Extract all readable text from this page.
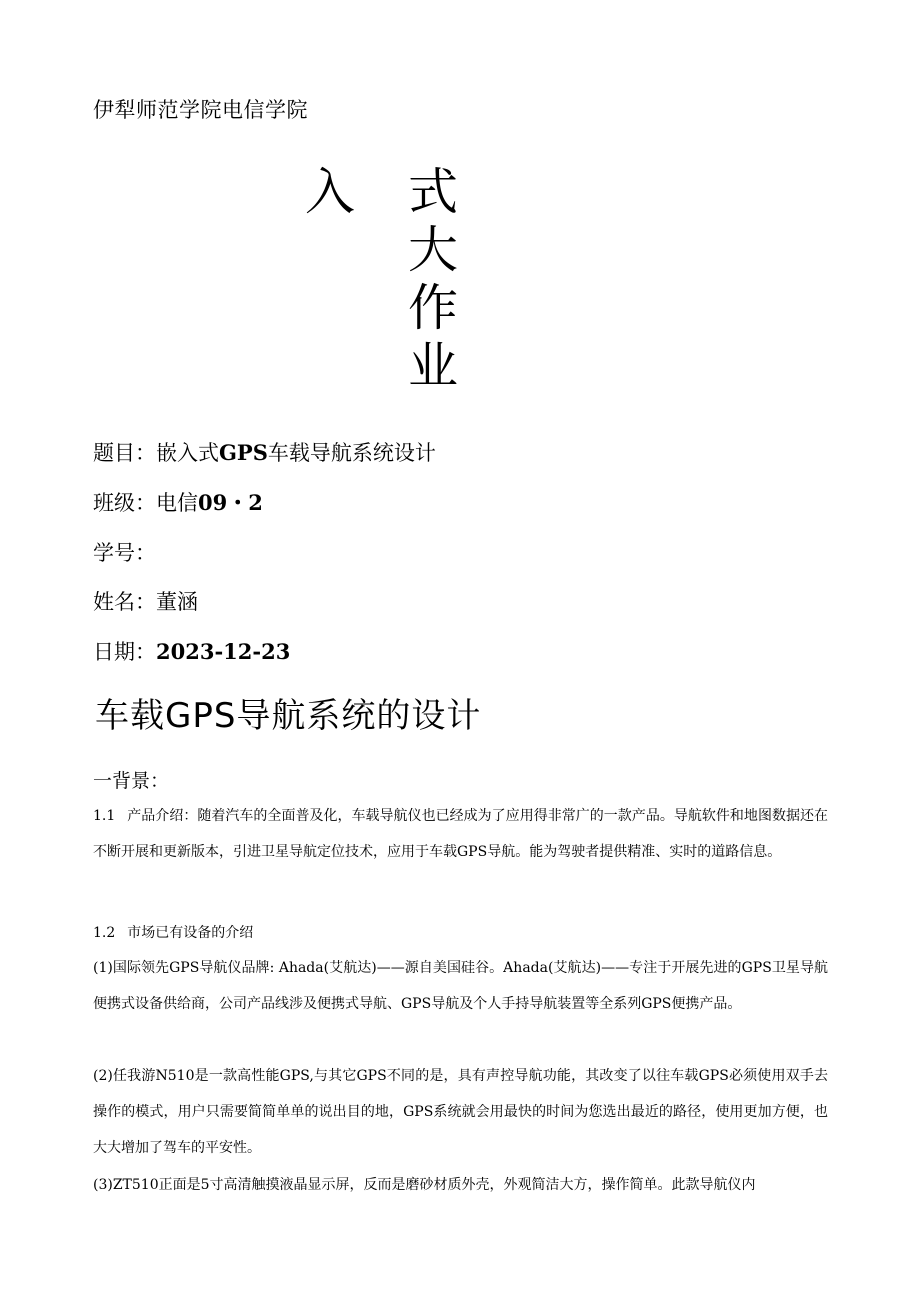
伊犁师范学院电信学院
入 式
大
作
业
题目：嵌入式GPS车载导航系统设计
班级：电信09・2
学号：
姓名：董涵
日期：2023-12-23
车载GPS导航系统的设计
一背景：
1.1 产品介绍：随着汽车的全面普及化，车载导航仪也已经成为了应用得非常广的一款产品。导航软件和地图数据还在不断开展和更新版本，引进卫星导航定位技术，应用于车载GPS导航。能为驾驶者提供精准、实时的道路信息。
1.2 市场已有设备的介绍
(1)国际领先GPS导航仪品牌: Ahada(艾航达)——源自美国硅谷。Ahada(艾航达)——专注于开展先进的GPS卫星导航便携式设备供给商，公司产品线涉及便携式导航、GPS导航及个人手持导航装置等全系列GPS便携产品。
(2)任我游N510是一款高性能GPS,与其它GPS不同的是，具有声控导航功能，其改变了以往车载GPS必须使用双手去操作的模式，用户只需要简简单单的说出目的地，GPS系统就会用最快的时间为您选出最近的路径，使用更加方便，也大大增加了驾车的平安性。
(3)ZT510正面是5寸高清触摸液晶显示屏，反而是磨砂材质外壳，外观简洁大方，操作简单。此款导航仪内
